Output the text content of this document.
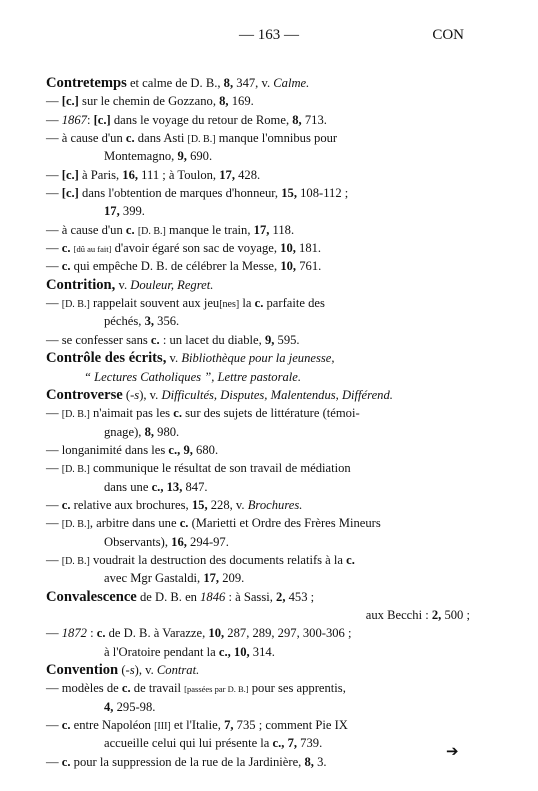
— 163 —	CON
Contretemps et calme de D. B., 8, 347, v. Calme.
— [c.] sur le chemin de Gozzano, 8, 169.
— 1867: [c.] dans le voyage du retour de Rome, 8, 713.
— à cause d'un c. dans Asti [D. B.] manque l'omnibus pour
Montemagno, 9, 690.
— [c.] à Paris, 16, 111 ; à Toulon, 17, 428.
— [c.] dans l'obtention de marques d'honneur, 15, 108-112 ;
17, 399.
— à cause d'un c. [D. B.] manque le train, 17, 118.
— c. [dû au fait] d'avoir égaré son sac de voyage, 10, 181.
— c. qui empêche D. B. de célébrer la Messe, 10, 761.
Contrition, v. Douleur, Regret.
— [D. B.] rappelait souvent aux jeu[nes] la c. parfaite des
péchés, 3, 356.
— se confesser sans c. : un lacet du diable, 9, 595.
Contrôle des écrits, v. Bibliothèque pour la jeunesse,
“ Lectures Catholiques ”, Lettre pastorale.
Controverse (-s), v. Difficultés, Disputes, Malentendus, Différend.
— [D. B.] n'aimait pas les c. sur des sujets de littérature (témoi-
gnage), 8, 980.
— longanimité dans les c., 9, 680.
— [D. B.] communique le résultat de son travail de médiation
dans une c., 13, 847.
— c. relative aux brochures, 15, 228, v. Brochures.
— [D. B.], arbitre dans une c. (Marietti et Ordre des Frères Mineurs
Observants), 16, 294-97.
— [D. B.] voudrait la destruction des documents relatifs à la c.
avec Mgr Gastaldi, 17, 209.
Convalescence de D. B. en 1846 : à Sassi, 2, 453 ;
aux Becchi : 2, 500 ;
— 1872 : c. de D. B. à Varazze, 10, 287, 289, 297, 300-306 ;
à l'Oratoire pendant la c., 10, 314.
Convention (-s), v. Contrat.
— modèles de c. de travail [passées par D. B.] pour ses apprentis,
4, 295-98.
— c. entre Napoléon [III] et l'Italie, 7, 735 ; comment Pie IX
accueille celui qui lui présente la c., 7, 739.
— c. pour la suppression de la rue de la Jardinière, 8, 3.
➔
